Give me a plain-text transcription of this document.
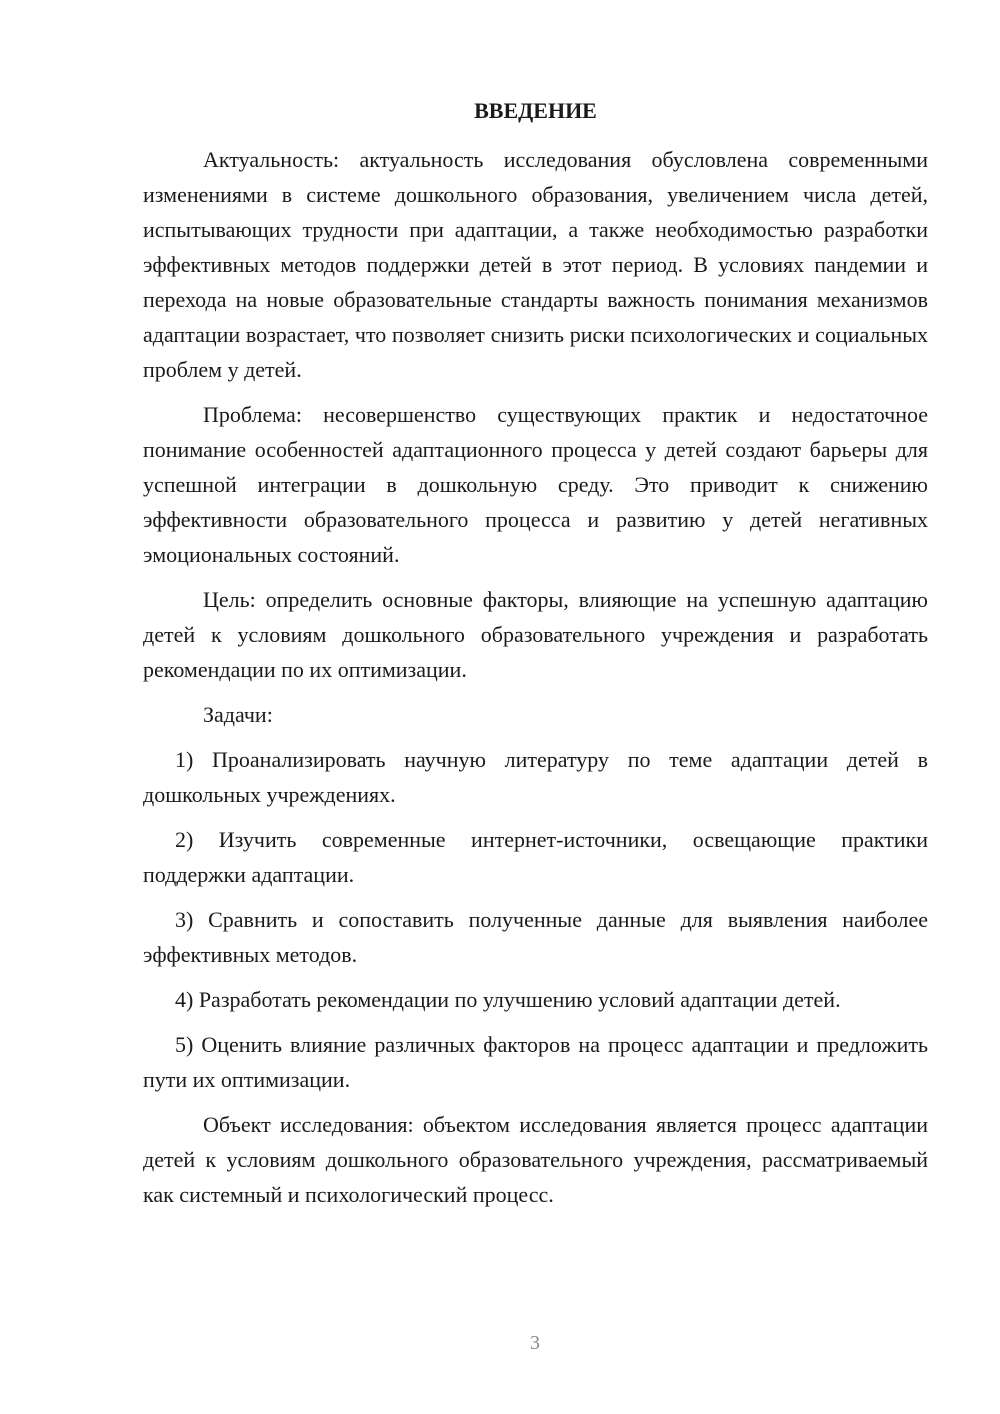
ВВЕДЕНИЕ

Актуальность: актуальность исследования обусловлена современными изменениями в системе дошкольного образования, увеличением числа детей, испытывающих трудности при адаптации, а также необходимостью разработки эффективных методов поддержки детей в этот период. В условиях пандемии и перехода на новые образовательные стандарты важность понимания механизмов адаптации возрастает, что позволяет снизить риски психологических и социальных проблем у детей.

Проблема: несовершенство существующих практик и недостаточное понимание особенностей адаптационного процесса у детей создают барьеры для успешной интеграции в дошкольную среду. Это приводит к снижению эффективности образовательного процесса и развитию у детей негативных эмоциональных состояний.

Цель: определить основные факторы, влияющие на успешную адаптацию детей к условиям дошкольного образовательного учреждения и разработать рекомендации по их оптимизации.

Задачи:

1) Проанализировать научную литературу по теме адаптации детей в дошкольных учреждениях.

2) Изучить современные интернет-источники, освещающие практики поддержки адаптации.

3) Сравнить и сопоставить полученные данные для выявления наиболее эффективных методов.

4) Разработать рекомендации по улучшению условий адаптации детей.

5) Оценить влияние различных факторов на процесс адаптации и предложить пути их оптимизации.

Объект исследования: объектом исследования является процесс адаптации детей к условиям дошкольного образовательного учреждения, рассматриваемый как системный и психологический процесс.

3
